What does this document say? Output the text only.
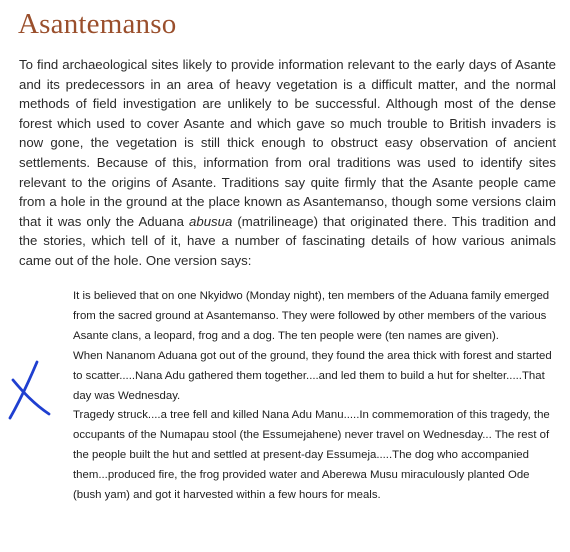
Asantemanso

To find archaeological sites likely to provide information relevant to the early days of Asante and its predecessors in an area of heavy vegetation is a difficult matter, and the normal methods of field investigation are unlikely to be successful. Although most of the dense forest which used to cover Asante and which gave so much trouble to British invaders is now gone, the vegetation is still thick enough to obstruct easy observation of ancient settlements. Because of this, information from oral traditions was used to identify sites relevant to the origins of Asante. Traditions say quite firmly that the Asante people came from a hole in the ground at the place known as Asantemanso, though some versions claim that it was only the Aduana abusua (matrilineage) that originated there. This tradition and the stories, which tell of it, have a number of fascinating details of how various animals came out of the hole. One version says:

It is believed that on one Nkyidwo (Monday night), ten members of the Aduana family emerged from the sacred ground at Asantemanso. They were followed by other members of the various Asante clans, a leopard, frog and a dog. The ten people were (ten names are given).

When Nananom Aduana got out of the ground, they found the area thick with forest and started to scatter.....Nana Adu gathered them together....and led them to build a hut for shelter.....That day was Wednesday.

Tragedy struck....a tree fell and killed Nana Adu Manu.....In commemoration of this tragedy, the occupants of the Numapau stool (the Essumejahene) never travel on Wednesday... The rest of the people built the hut and settled at present-day Essumeja.....The dog who accompanied them...produced fire, the frog provided water and Aberewa Musu miraculously planted Ode (bush yam) and got it harvested within a few hours for meals.
